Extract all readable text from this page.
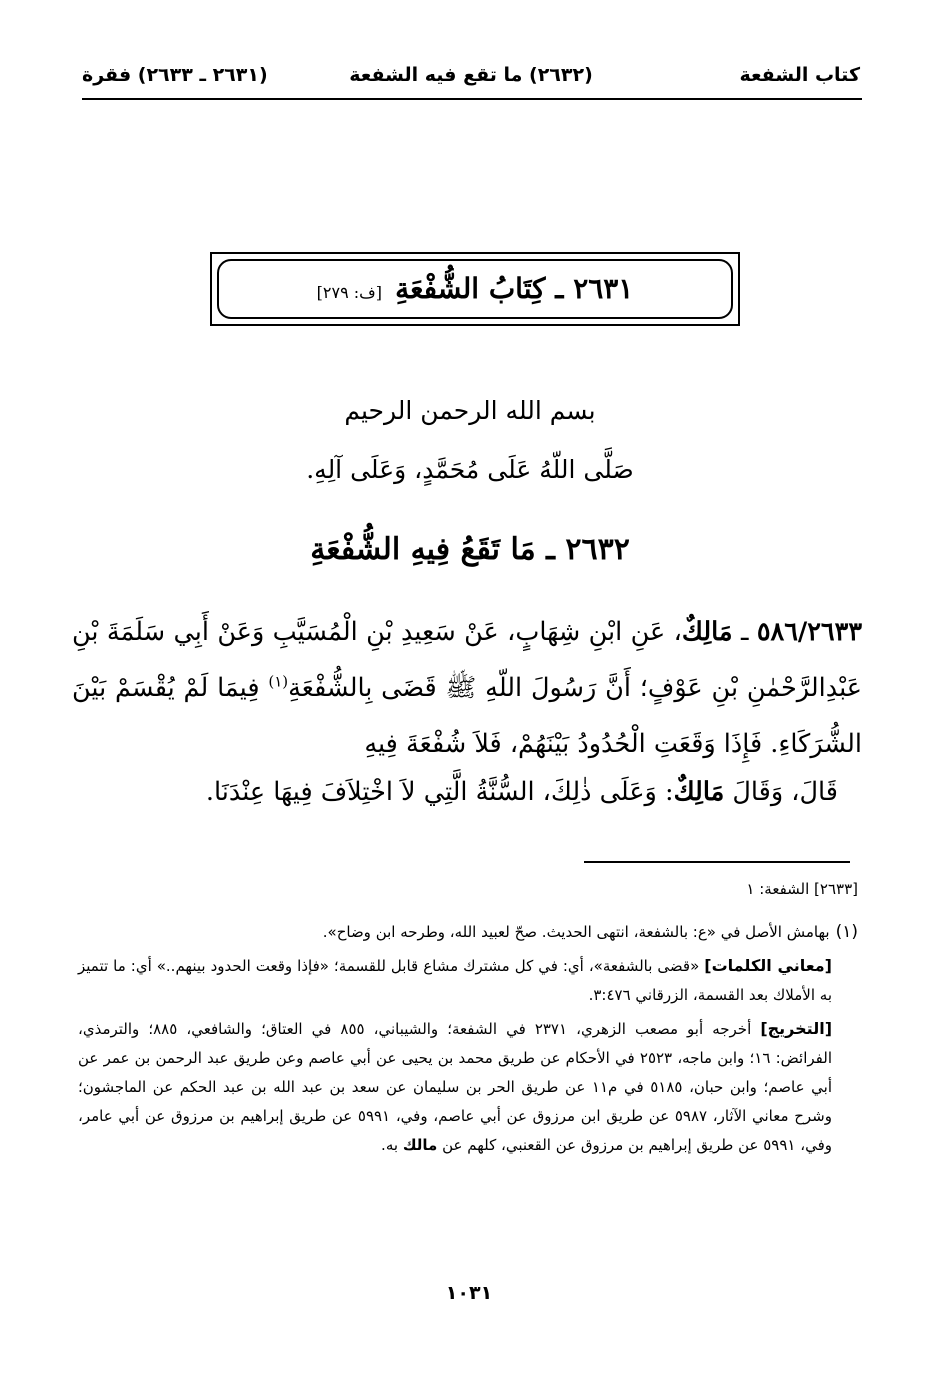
كتاب الشفعة
(٢٦٣٢) ما تقع فيه الشفعة
(٢٦٣١ ـ ٢٦٣٣) فقرة
٢٦٣١ ـ كِتَابُ الشُّفْعَةِ [ف: ٢٧٩]
بسم الله الرحمن الرحيم
صَلَّى اللّهُ عَلَى مُحَمَّدٍ، وَعَلَى آلِهِ.
٢٦٣٢ ـ مَا تَقَعُ فِيهِ الشُّفْعَةِ
٥٨٦/٢٦٣٣ ـ مَالِكٌ، عَنِ ابْنِ شِهَابٍ، عَنْ سَعِيدِ بْنِ الْمُسَيَّبِ وَعَنْ أَبِي سَلَمَةَ بْنِ عَبْدِالرَّحْمٰنِ بْنِ عَوْفٍ؛ أَنَّ رَسُولَ اللّهِ ﷺ قَضَى بِالشُّفْعَةِ$^{(١)}$ فِيمَا لَمْ يُقْسَمْ بَيْنَ الشُّرَكَاءِ. فَإِذَا وَقَعَتِ الْحُدُودُ بَيْنَهُمْ، فَلاَ شُفْعَةَ فِيهِ
قَالَ، وَقَالَ مَالِكٌ: وَعَلَى ذٰلِكَ، السُّنَّةُ الَّتِي لاَ اخْتِلاَفَ فِيهَا عِنْدَنَا.

[٢٦٣٣] الشفعة: ١

(١)بهامش الأصل في «ع: بالشفعة، انتهى الحديث. صحّ لعبيد الله، وطرحه ابن وضاح».

[معاني الكلمات] «قضى بالشفعة»، أي: في كل مشترك مشاع قابل للقسمة؛ «فإذا وقعت الحدود بينهم..» أي: ما تتميز به الأملاك بعد القسمة، الزرقاني ٣:٤٧٦.

[التخريج] أخرجه أبو مصعب الزهري، ٢٣٧١ في الشفعة؛ والشيباني، ٨٥٥ في العتاق؛ والشافعي، ٨٨٥؛ والترمذي، الفرائض: ١٦؛ وابن ماجه، ٢٥٢٣ في الأحكام عن طريق محمد بن يحيى عن أبي عاصم وعن طريق عبد الرحمن بن عمر عن أبي عاصم؛ وابن حبان، ٥١٨٥ في م١١ عن طريق الحر بن سليمان عن سعد بن عبد الله بن عبد الحكم عن الماجشون؛ وشرح معاني الآثار، ٥٩٨٧ عن طريق ابن مرزوق عن أبي عاصم، وفي، ٥٩٩١ عن طريق إبراهيم بن مرزوق عن أبي عامر، وفي، ٥٩٩١ عن طريق إبراهيم بن مرزوق عن القعنبي، كلهم عن مالك به.

١٠٣١
